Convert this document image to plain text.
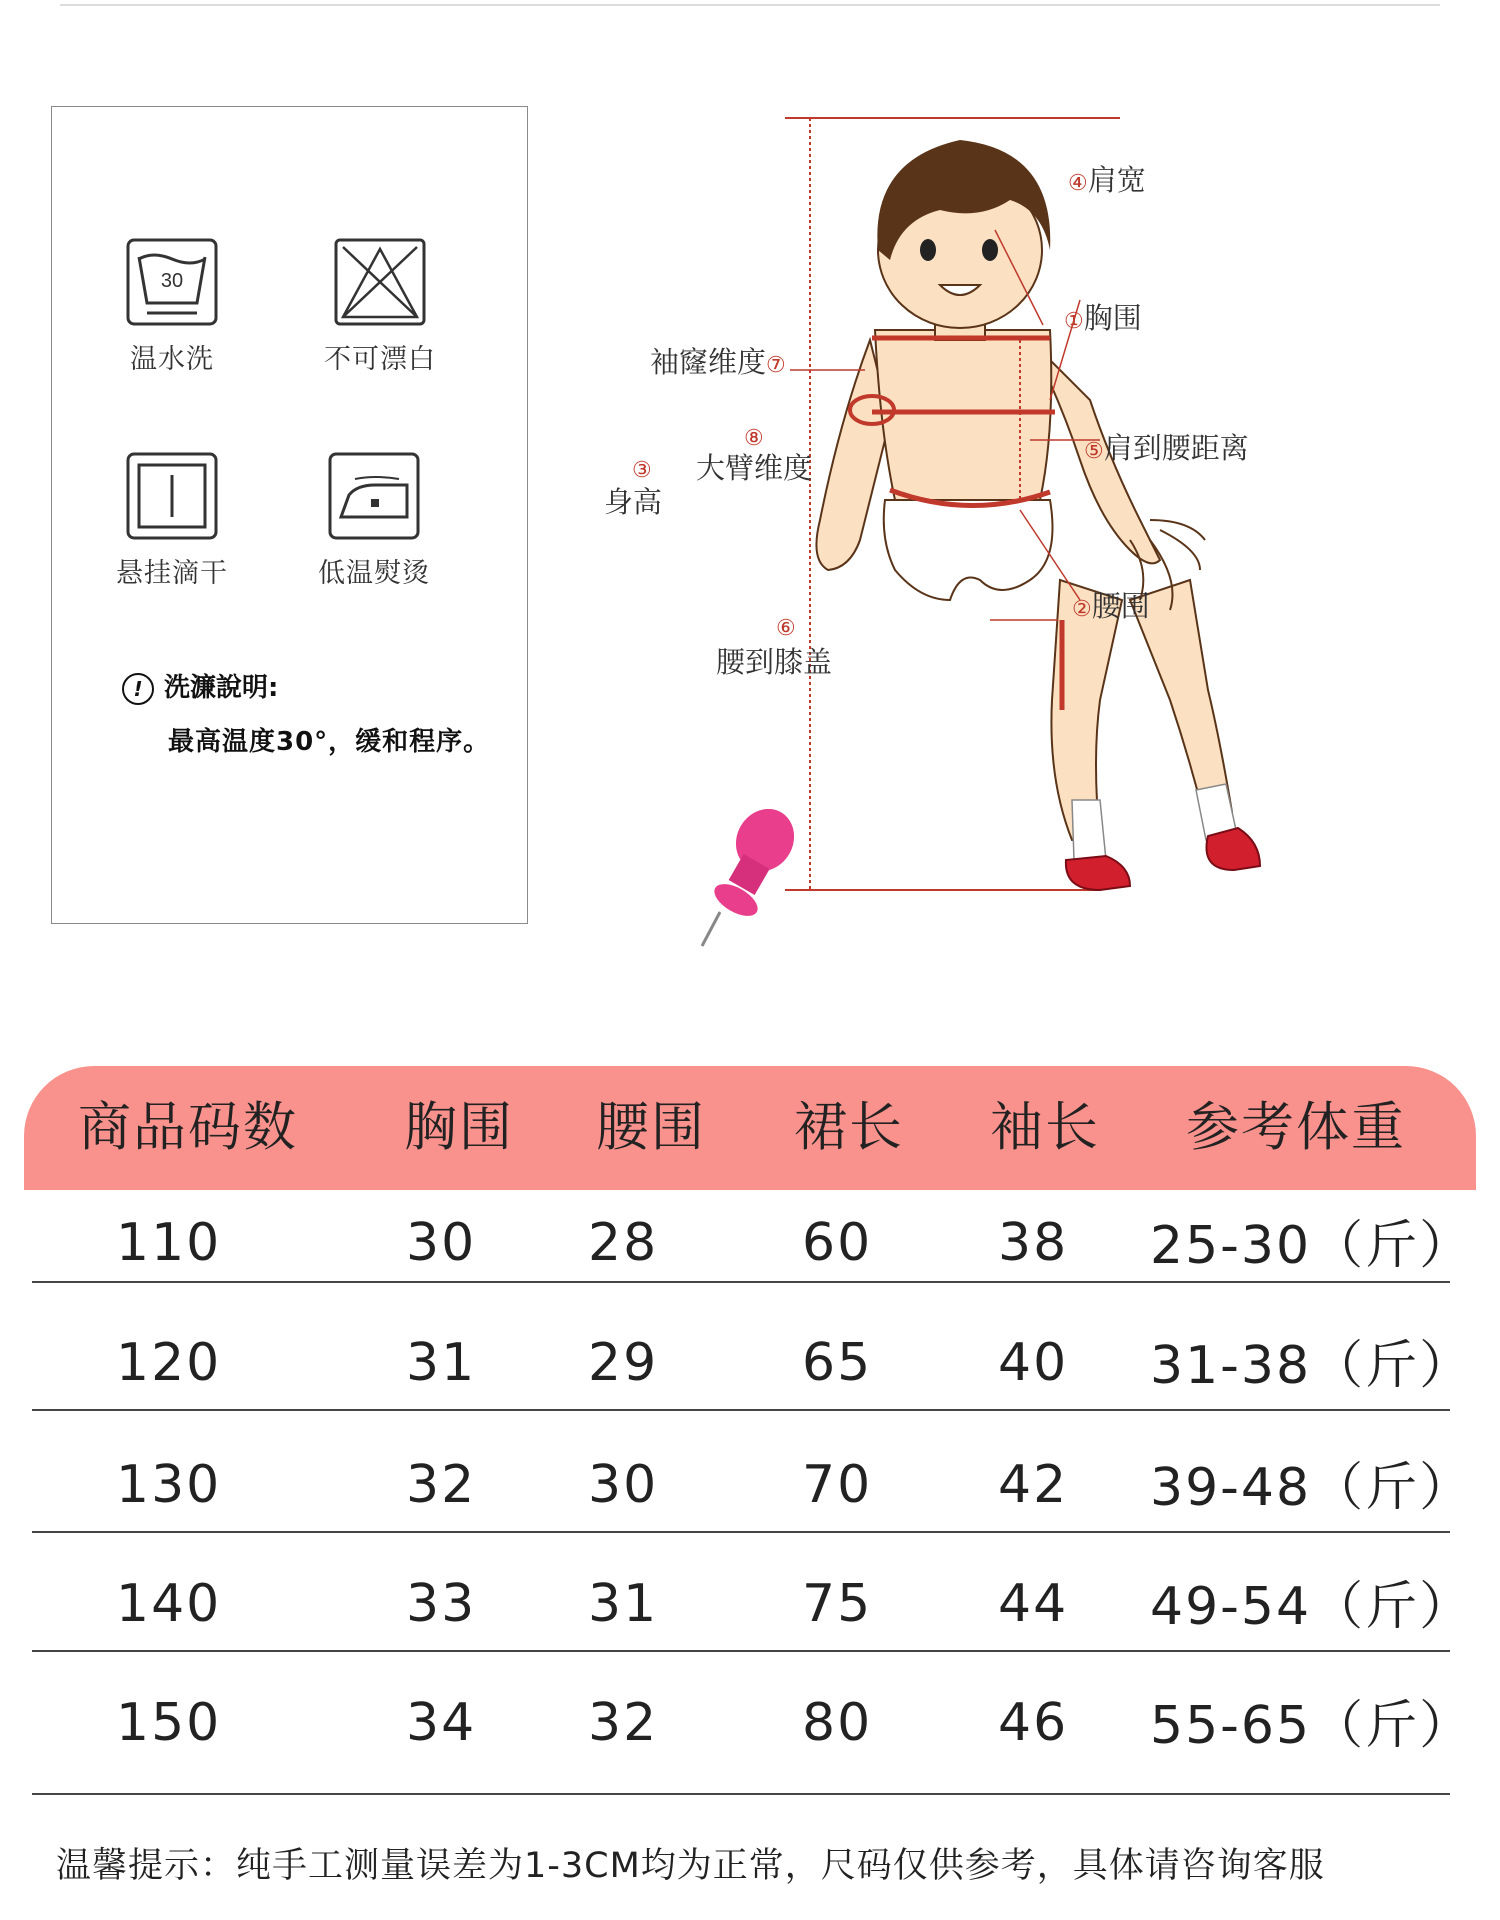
30
温水洗	不可漂白
悬挂滴干	低温熨烫
! 洗濂說明:
最高温度30°，缓和程序。
④肩宽
①胸围
袖窿维度⑦
⑧
大臂维度
③
身高
⑤肩到腰距离
②腰围
⑥
腰到膝盖
商品码数 胸围 腰围 裙长 袖长 参考体重
110	30 28	60 38 25-30（斤）
120	31 29	65 40 31-38（斤）
130	32 30	70 42 39-48（斤）
140	33 31	75 44 49-54（斤）
150	34 32	80 46 55-65（斤）
温馨提示：纯手工测量误差为1-3CM均为正常，尺码仅供参考，具体请咨询客服
